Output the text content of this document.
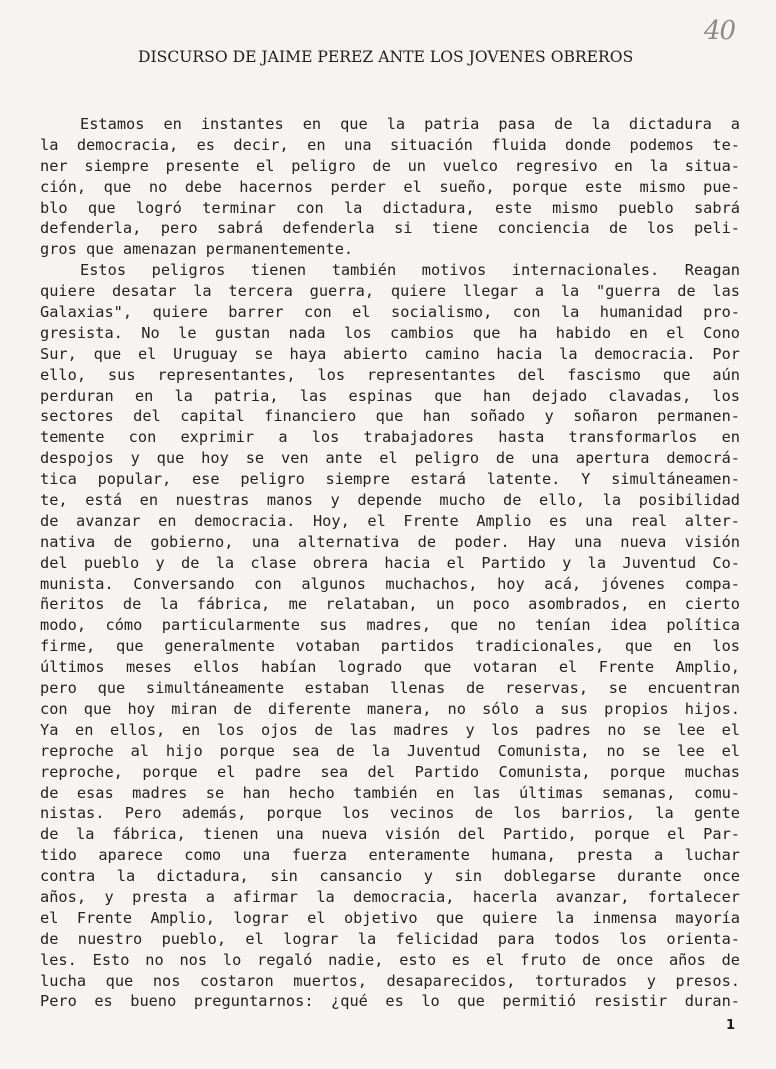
40
DISCURSO DE JAIME PEREZ ANTE LOS JOVENES OBREROS
Estamos en instantes en que la patria pasa de la dictadura a
la democracia, es decir, en una situación fluida donde podemos te-
ner siempre presente el peligro de un vuelco regresivo en la situa-
ción, que no debe hacernos perder el sueño, porque este mismo pue-
blo que logró terminar con la dictadura, este mismo pueblo sabrá
defenderla, pero sabrá defenderla si tiene conciencia de los peli-
gros que amenazan permanentemente.
Estos peligros tienen también motivos internacionales. Reagan
quiere desatar la tercera guerra, quiere llegar a la "guerra de las
Galaxias", quiere barrer con el socialismo, con la humanidad pro-
gresista. No le gustan nada los cambios que ha habido en el Cono
Sur, que el Uruguay se haya abierto camino hacia la democracia. Por
ello, sus representantes, los representantes del fascismo que aún
perduran en la patria, las espinas que han dejado clavadas, los
sectores del capital financiero que han soñado y soñaron permanen-
temente con exprimir a los trabajadores hasta transformarlos en
despojos y que hoy se ven ante el peligro de una apertura democrá-
tica popular, ese peligro siempre estará latente. Y simultáneamen-
te, está en nuestras manos y depende mucho de ello, la posibilidad
de avanzar en democracia. Hoy, el Frente Amplio es una real alter-
nativa de gobierno, una alternativa de poder. Hay una nueva visión
del pueblo y de la clase obrera hacia el Partido y la Juventud Co-
munista. Conversando con algunos muchachos, hoy acá, jóvenes compa-
ñeritos de la fábrica, me relataban, un poco asombrados, en cierto
modo, cómo particularmente sus madres, que no tenían idea política
firme, que generalmente votaban partidos tradicionales, que en los
últimos meses ellos habían logrado que votaran el Frente Amplio,
pero que simultáneamente estaban llenas de reservas, se encuentran
con que hoy miran de diferente manera, no sólo a sus propios hijos.
Ya en ellos, en los ojos de las madres y los padres no se lee el
reproche al hijo porque sea de la Juventud Comunista, no se lee el
reproche, porque el padre sea del Partido Comunista, porque muchas
de esas madres se han hecho también en las últimas semanas, comu-
nistas. Pero además, porque los vecinos de los barrios, la gente
de la fábrica, tienen una nueva visión del Partido, porque el Par-
tido aparece como una fuerza enteramente humana, presta a luchar
contra la dictadura, sin cansancio y sin doblegarse durante once
años, y presta a afirmar la democracia, hacerla avanzar, fortalecer
el Frente Amplio, lograr el objetivo que quiere la inmensa mayoría
de nuestro pueblo, el lograr la felicidad para todos los orienta-
les. Esto no nos lo regaló nadie, esto es el fruto de once años de
lucha que nos costaron muertos, desaparecidos, torturados y presos.
Pero es bueno preguntarnos: ¿qué es lo que permitió resistir duran-
1
